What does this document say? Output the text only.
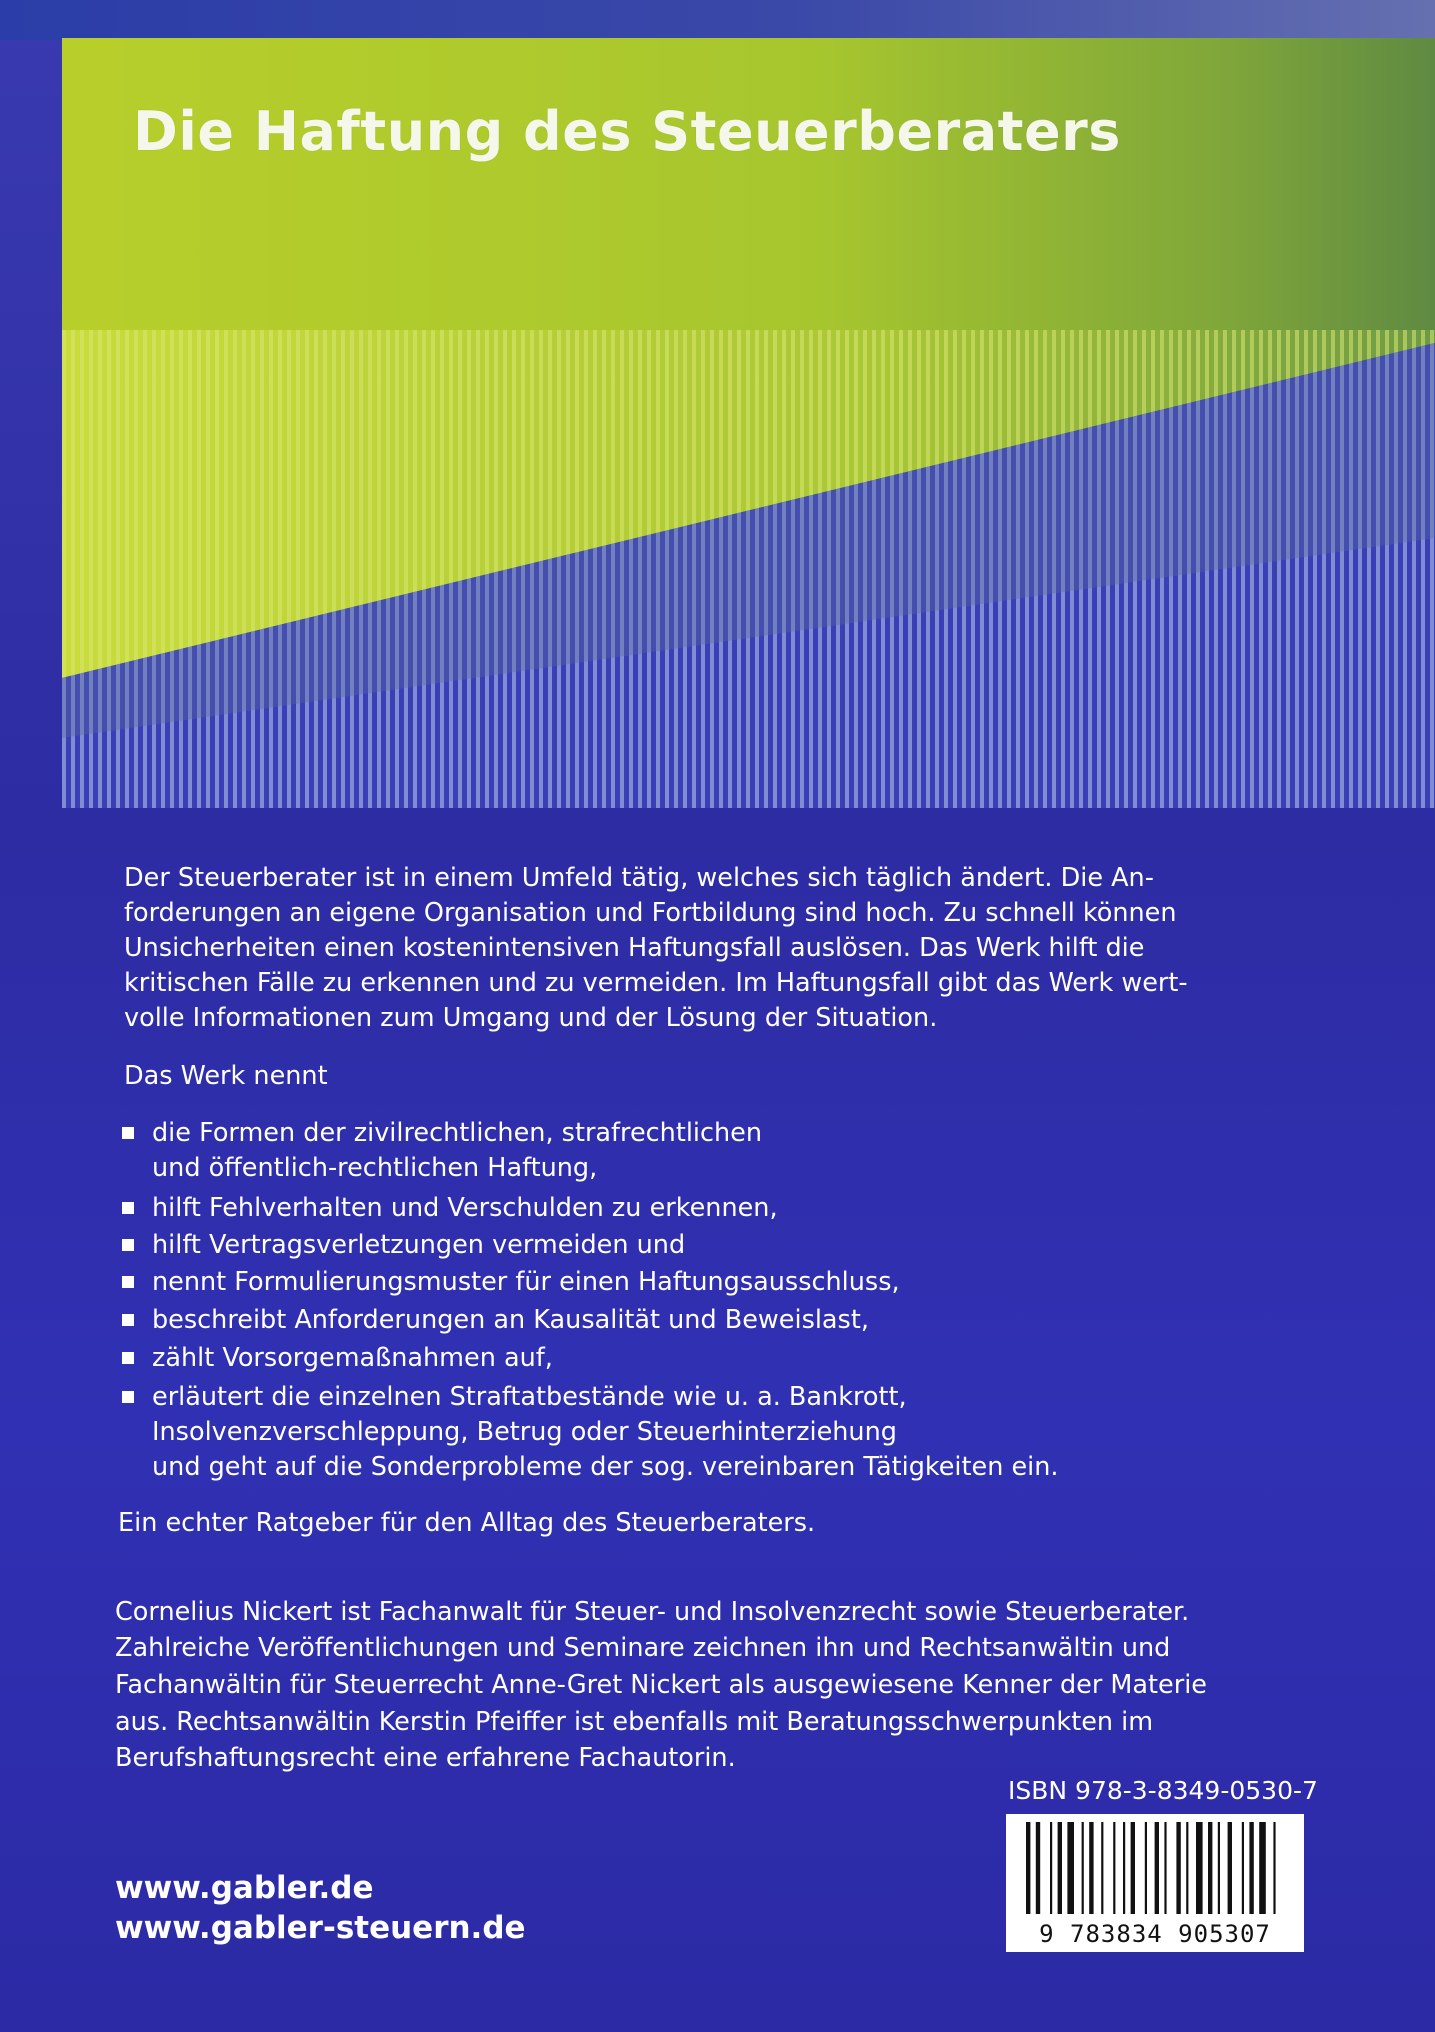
Die Haftung des Steuerberaters
Der Steuerberater ist in einem Umfeld tätig, welches sich täglich ändert. Die An-
forderungen an eigene Organisation und Fortbildung sind hoch. Zu schnell können
Unsicherheiten einen kostenintensiven Haftungsfall auslösen. Das Werk hilft die
kritischen Fälle zu erkennen und zu vermeiden. Im Haftungsfall gibt das Werk wert-
volle Informationen zum Umgang und der Lösung der Situation.
Das Werk nennt
die Formen der zivilrechtlichen, strafrechtlichen
und öffentlich-rechtlichen Haftung,
hilft Fehlverhalten und Verschulden zu erkennen,
hilft Vertragsverletzungen vermeiden und
nennt Formulierungsmuster für einen Haftungsausschluss,
beschreibt Anforderungen an Kausalität und Beweislast,
zählt Vorsorgemaßnahmen auf,
erläutert die einzelnen Straftatbestände wie u. a. Bankrott,
Insolvenzverschleppung, Betrug oder Steuerhinterziehung
und geht auf die Sonderprobleme der sog. vereinbaren Tätigkeiten ein.
Ein echter Ratgeber für den Alltag des Steuerberaters.
Cornelius Nickert ist Fachanwalt für Steuer- und Insolvenzrecht sowie Steuerberater.
Zahlreiche Veröffentlichungen und Seminare zeichnen ihn und Rechtsanwältin und
Fachanwältin für Steuerrecht Anne-Gret Nickert als ausgewiesene Kenner der Materie
aus. Rechtsanwältin Kerstin Pfeiffer ist ebenfalls mit Beratungsschwerpunkten im
Berufshaftungsrecht eine erfahrene Fachautorin.
ISBN 978-3-8349-0530-7
9 783834 905307
www.gabler.de
www.gabler-steuern.de
